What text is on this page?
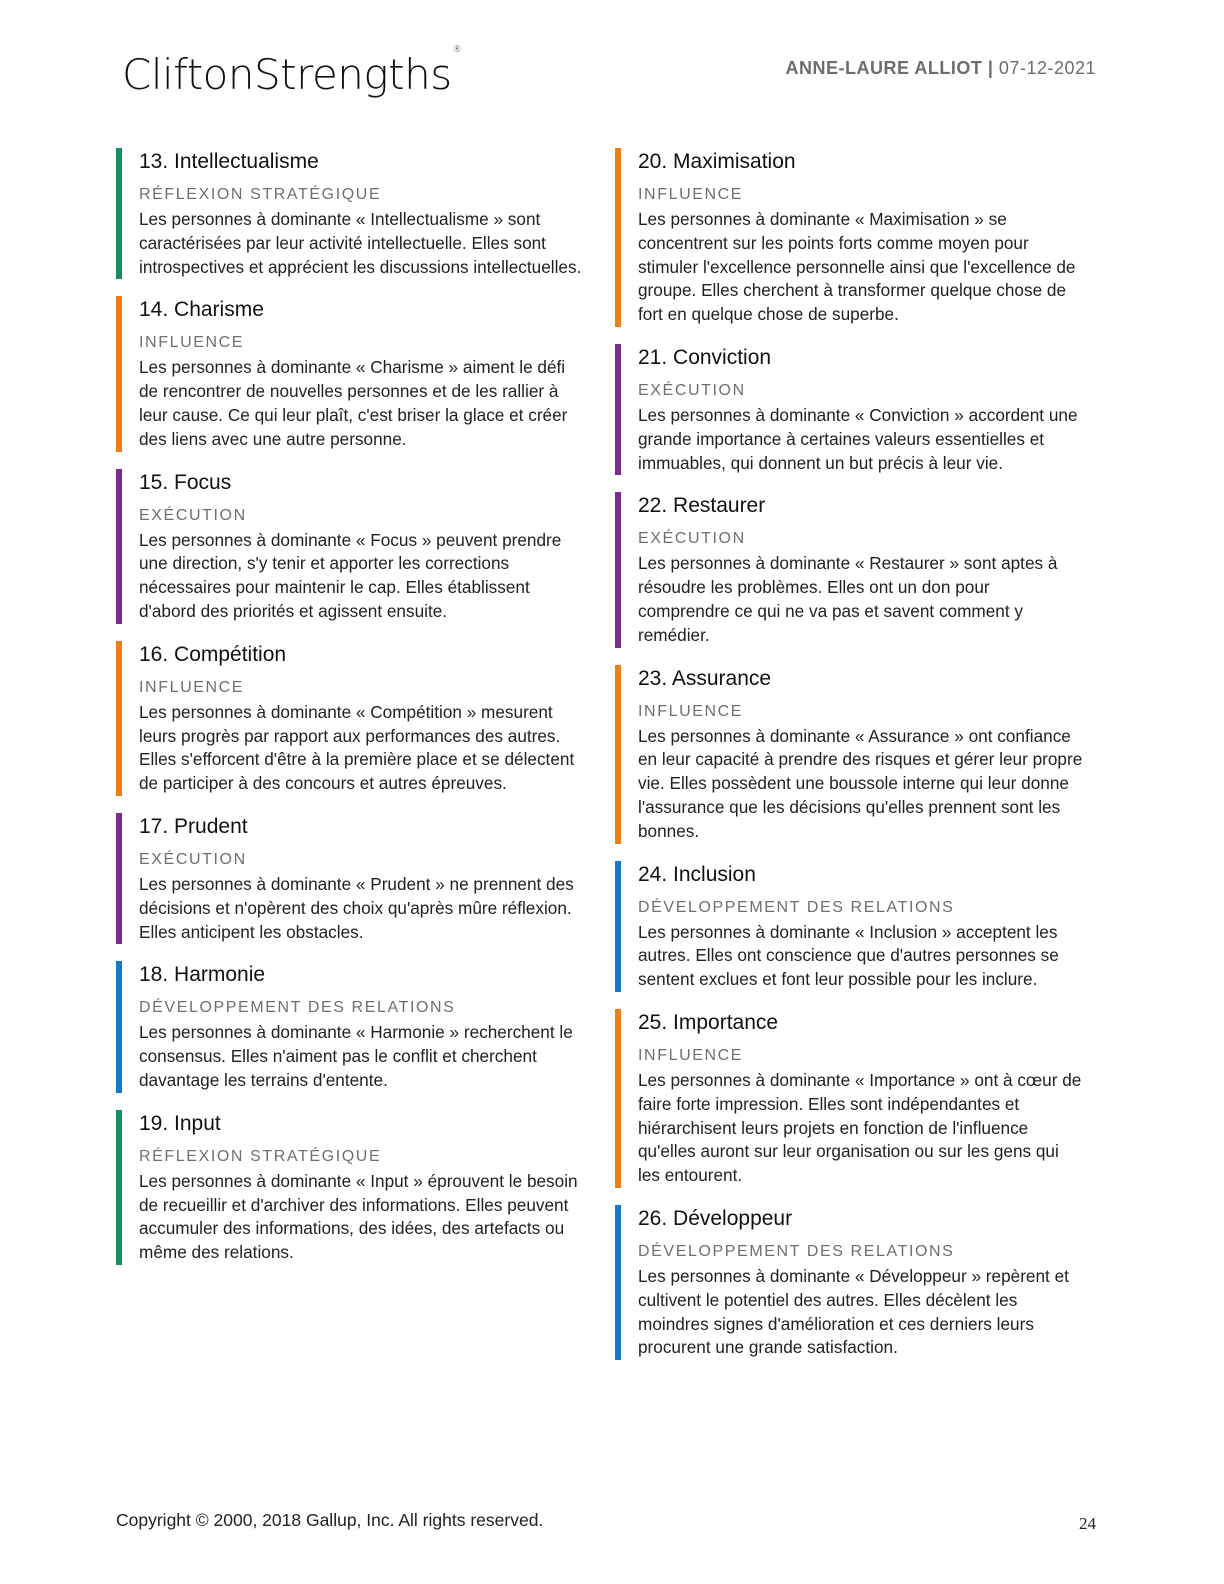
CliftonStrengths®
ANNE-LAURE ALLIOT | 07-12-2021
13. Intellectualisme
RÉFLEXION STRATÉGIQUE

Les personnes à dominante « Intellectualisme » sont caractérisées par leur activité intellectuelle. Elles sont introspectives et apprécient les discussions intellectuelles.

14. Charisme
INFLUENCE

Les personnes à dominante « Charisme » aiment le défi de rencontrer de nouvelles personnes et de les rallier à leur cause. Ce qui leur plaît, c'est briser la glace et créer des liens avec une autre personne.

15. Focus
EXÉCUTION

Les personnes à dominante « Focus » peuvent prendre une direction, s'y tenir et apporter les corrections nécessaires pour maintenir le cap. Elles établissent d'abord des priorités et agissent ensuite.

16. Compétition
INFLUENCE

Les personnes à dominante « Compétition » mesurent leurs progrès par rapport aux performances des autres. Elles s'efforcent d'être à la première place et se délectent de participer à des concours et autres épreuves.

17. Prudent
EXÉCUTION

Les personnes à dominante « Prudent » ne prennent des décisions et n'opèrent des choix qu'après mûre réflexion. Elles anticipent les obstacles.

18. Harmonie
DÉVELOPPEMENT DES RELATIONS

Les personnes à dominante « Harmonie » recherchent le consensus. Elles n'aiment pas le conflit et cherchent davantage les terrains d'entente.

19. Input
RÉFLEXION STRATÉGIQUE

Les personnes à dominante « Input » éprouvent le besoin de recueillir et d'archiver des informations. Elles peuvent accumuler des informations, des idées, des artefacts ou même des relations.

20. Maximisation
INFLUENCE

Les personnes à dominante « Maximisation » se concentrent sur les points forts comme moyen pour stimuler l'excellence personnelle ainsi que l'excellence de groupe. Elles cherchent à transformer quelque chose de fort en quelque chose de superbe.

21. Conviction
EXÉCUTION

Les personnes à dominante « Conviction » accordent une grande importance à certaines valeurs essentielles et immuables, qui donnent un but précis à leur vie.

22. Restaurer
EXÉCUTION

Les personnes à dominante « Restaurer » sont aptes à résoudre les problèmes. Elles ont un don pour comprendre ce qui ne va pas et savent comment y remédier.

23. Assurance
INFLUENCE

Les personnes à dominante « Assurance » ont confiance en leur capacité à prendre des risques et gérer leur propre vie. Elles possèdent une boussole interne qui leur donne l'assurance que les décisions qu'elles prennent sont les bonnes.

24. Inclusion
DÉVELOPPEMENT DES RELATIONS

Les personnes à dominante « Inclusion » acceptent les autres. Elles ont conscience que d'autres personnes se sentent exclues et font leur possible pour les inclure.

25. Importance
INFLUENCE

Les personnes à dominante « Importance » ont à cœur de faire forte impression. Elles sont indépendantes et hiérarchisent leurs projets en fonction de l'influence qu'elles auront sur leur organisation ou sur les gens qui les entourent.

26. Développeur
DÉVELOPPEMENT DES RELATIONS

Les personnes à dominante « Développeur » repèrent et cultivent le potentiel des autres. Elles décèlent les moindres signes d'amélioration et ces derniers leurs procurent une grande satisfaction.

Copyright © 2000, 2018 Gallup, Inc. All rights reserved.	24
